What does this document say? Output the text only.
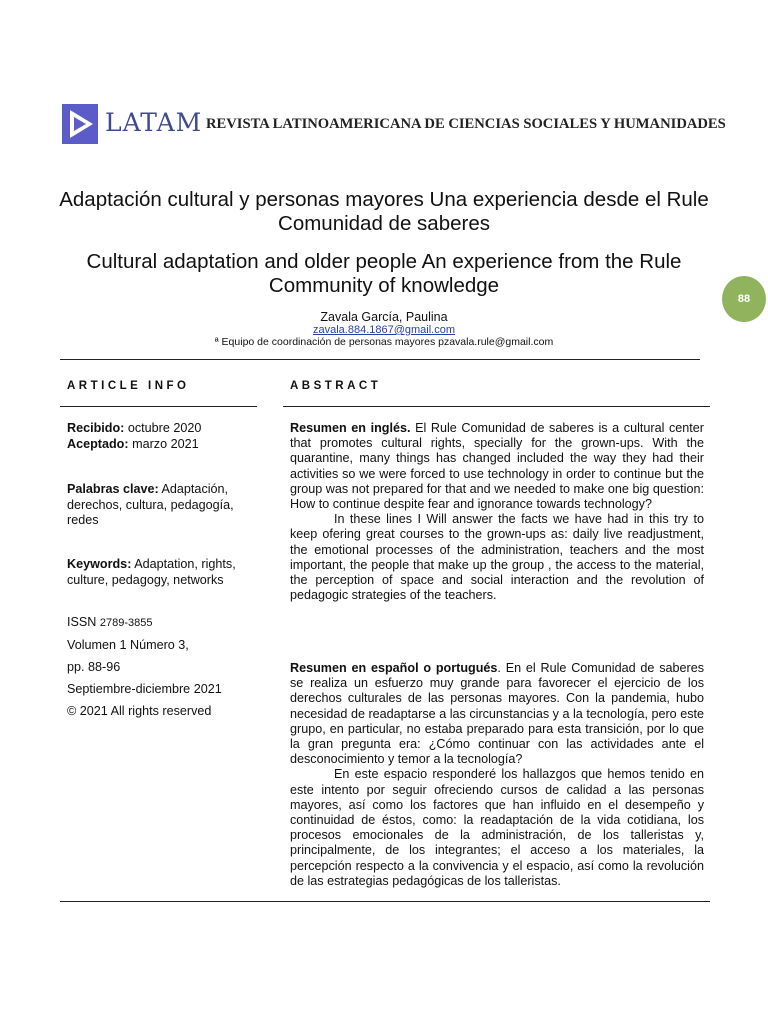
LATAM REVISTA LATINOAMERICANA DE CIENCIAS SOCIALES Y HUMANIDADES
Adaptación cultural y personas mayores Una experiencia desde el Rule Comunidad de saberes
Cultural adaptation and older people An experience from the Rule Community of knowledge
88
Zavala García, Paulina
zavala.884.1867@gmail.com
ª Equipo de coordinación de personas mayores pzavala.rule@gmail.com
ARTICLE INFO	ABSTRACT
Recibido: octubre 2020
Aceptado: marzo 2021
Palabras clave: Adaptación, derechos, cultura, pedagogía, redes
Keywords: Adaptation, rights, culture, pedagogy, networks
ISSN 2789-3855
Volumen 1 Número 3,
pp. 88-96
Septiembre-diciembre 2021
© 2021 All rights reserved

Resumen en inglés. El Rule Comunidad de saberes is a cultural center that promotes cultural rights, specially for the grown-ups. With the quarantine, many things has changed included the way they had their activities so we were forced to use technology in order to continue but the group was not prepared for that and we needed to make one big question: How to continue despite fear and ignorance towards technology?

In these lines I Will answer the facts we have had in this try to keep ofering great courses to the grown-ups as: daily live readjustment, the emotional processes of the administration, teachers and the most important, the people that make up the group , the access to the material, the perception of space and social interaction and the revolution of pedagogic strategies of the teachers.

Resumen en español o portugués. En el Rule Comunidad de saberes se realiza un esfuerzo muy grande para favorecer el ejercicio de los derechos culturales de las personas mayores. Con la pandemia, hubo necesidad de readaptarse a las circunstancias y a la tecnología, pero este grupo, en particular, no estaba preparado para esta transición, por lo que la gran pregunta era: ¿Cómo continuar con las actividades ante el desconocimiento y temor a la tecnología?

En este espacio responderé los hallazgos que hemos tenido en este intento por seguir ofreciendo cursos de calidad a las personas mayores, así como los factores que han influido en el desempeño y continuidad de éstos, como: la readaptación de la vida cotidiana, los procesos emocionales de la administración, de los talleristas y, principalmente, de los integrantes; el acceso a los materiales, la percepción respecto a la convivencia y el espacio, así como la revolución de las estrategias pedagógicas de los talleristas.
